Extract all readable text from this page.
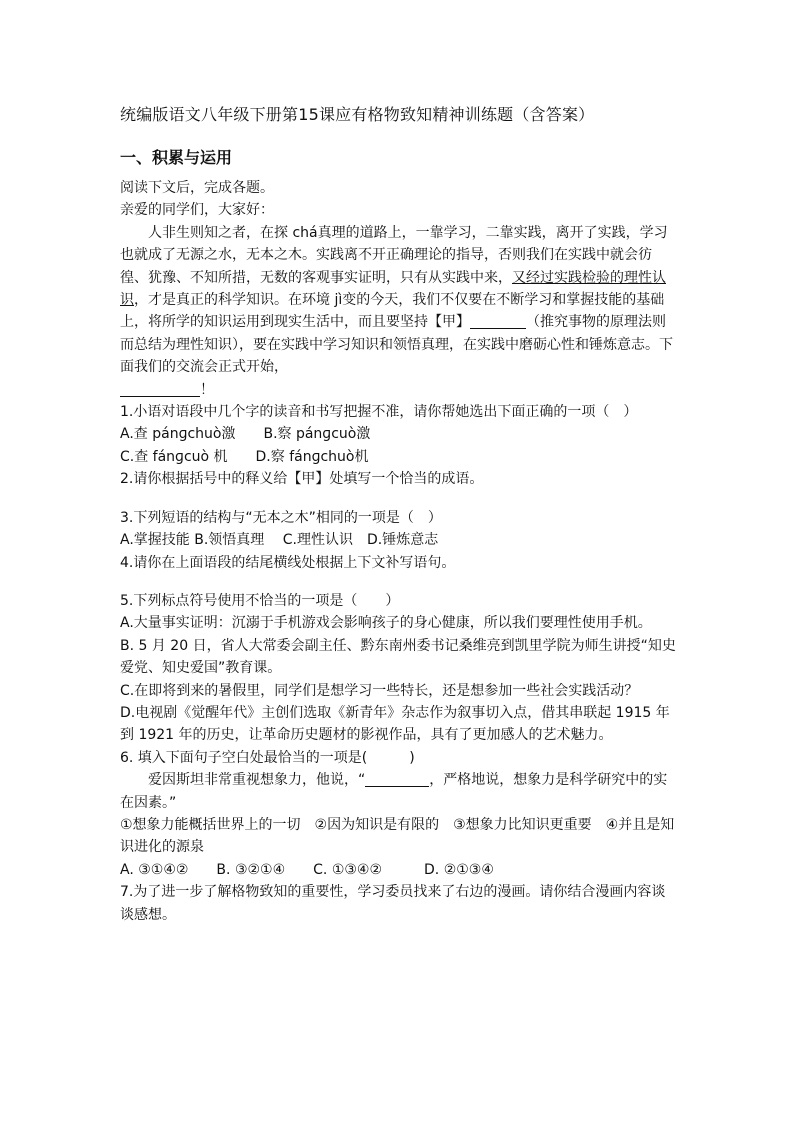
统编版语文八年级下册第15课应有格物致知精神训练题（含答案）
一、积累与运用

阅读下文后，完成各题。

亲爱的同学们，大家好：

人非生则知之者，在探 chá真理的道路上，一靠学习，二靠实践，离开了实践，学习也就成了无源之水，无本之木。实践离不开正确理论的指导，否则我们在实践中就会彷徨、犹豫、不知所措，无数的客观事实证明，只有从实践中来，又经过实践检验的理性认识，才是真正的科学知识。在环境 jì变的今天，我们不仅要在不断学习和掌握技能的基础上，将所学的知识运用到现实生活中，而且要坚持【甲】	（推究事物的原理法则而总结为理性知识），要在实践中学习知识和领悟真理，在实践中磨砺心性和锤炼意志。下面我们的交流会正式开始，
！

1.小语对语段中几个字的读音和书写把握不准，请你帮她选出下面正确的一项（　）

A.查 pánɡchuò激　　B.察 pánɡcuò激

C.查 fánɡcuò 机　　D.察 fánɡchuò机

2.请你根据括号中的释义给【甲】处填写一个恰当的成语。

3.下列短语的结构与“无本之木”相同的一项是（　）

A.掌握技能 B.领悟真理　 C.理性认识　D.锤炼意志

4.请你在上面语段的结尾横线处根据上下文补写语句。

5.下列标点符号使用不恰当的一项是（　　）

A.大量事实证明：沉溺于手机游戏会影响孩子的身心健康，所以我们要理性使用手机。

B. 5 月 20 日，省人大常委会副主任、黔东南州委书记桑维亮到凯里学院为师生讲授“知史爱党、知史爱国”教育课。

C.在即将到来的暑假里，同学们是想学习一些特长，还是想参加一些社会实践活动？

D.电视剧《觉醒年代》主创们选取《新青年》杂志作为叙事切入点，借其串联起 1915 年到 1921 年的历史，让革命历史题材的影视作品，具有了更加感人的艺术魅力。

6. 填入下面句子空白处最恰当的一项是(　　　)

爱因斯坦非常重视想象力，他说，“	，严格地说，想象力是科学研究中的实在因素。”

①想象力能概括世界上的一切　②因为知识是有限的　③想象力比知识更重要　④并且是知识进化的源泉

A. ③①④②　　B. ③②①④　　C. ①③④②　　　D. ②①③④

7.为了进一步了解格物致知的重要性，学习委员找来了右边的漫画。请你结合漫画内容谈谈感想。
